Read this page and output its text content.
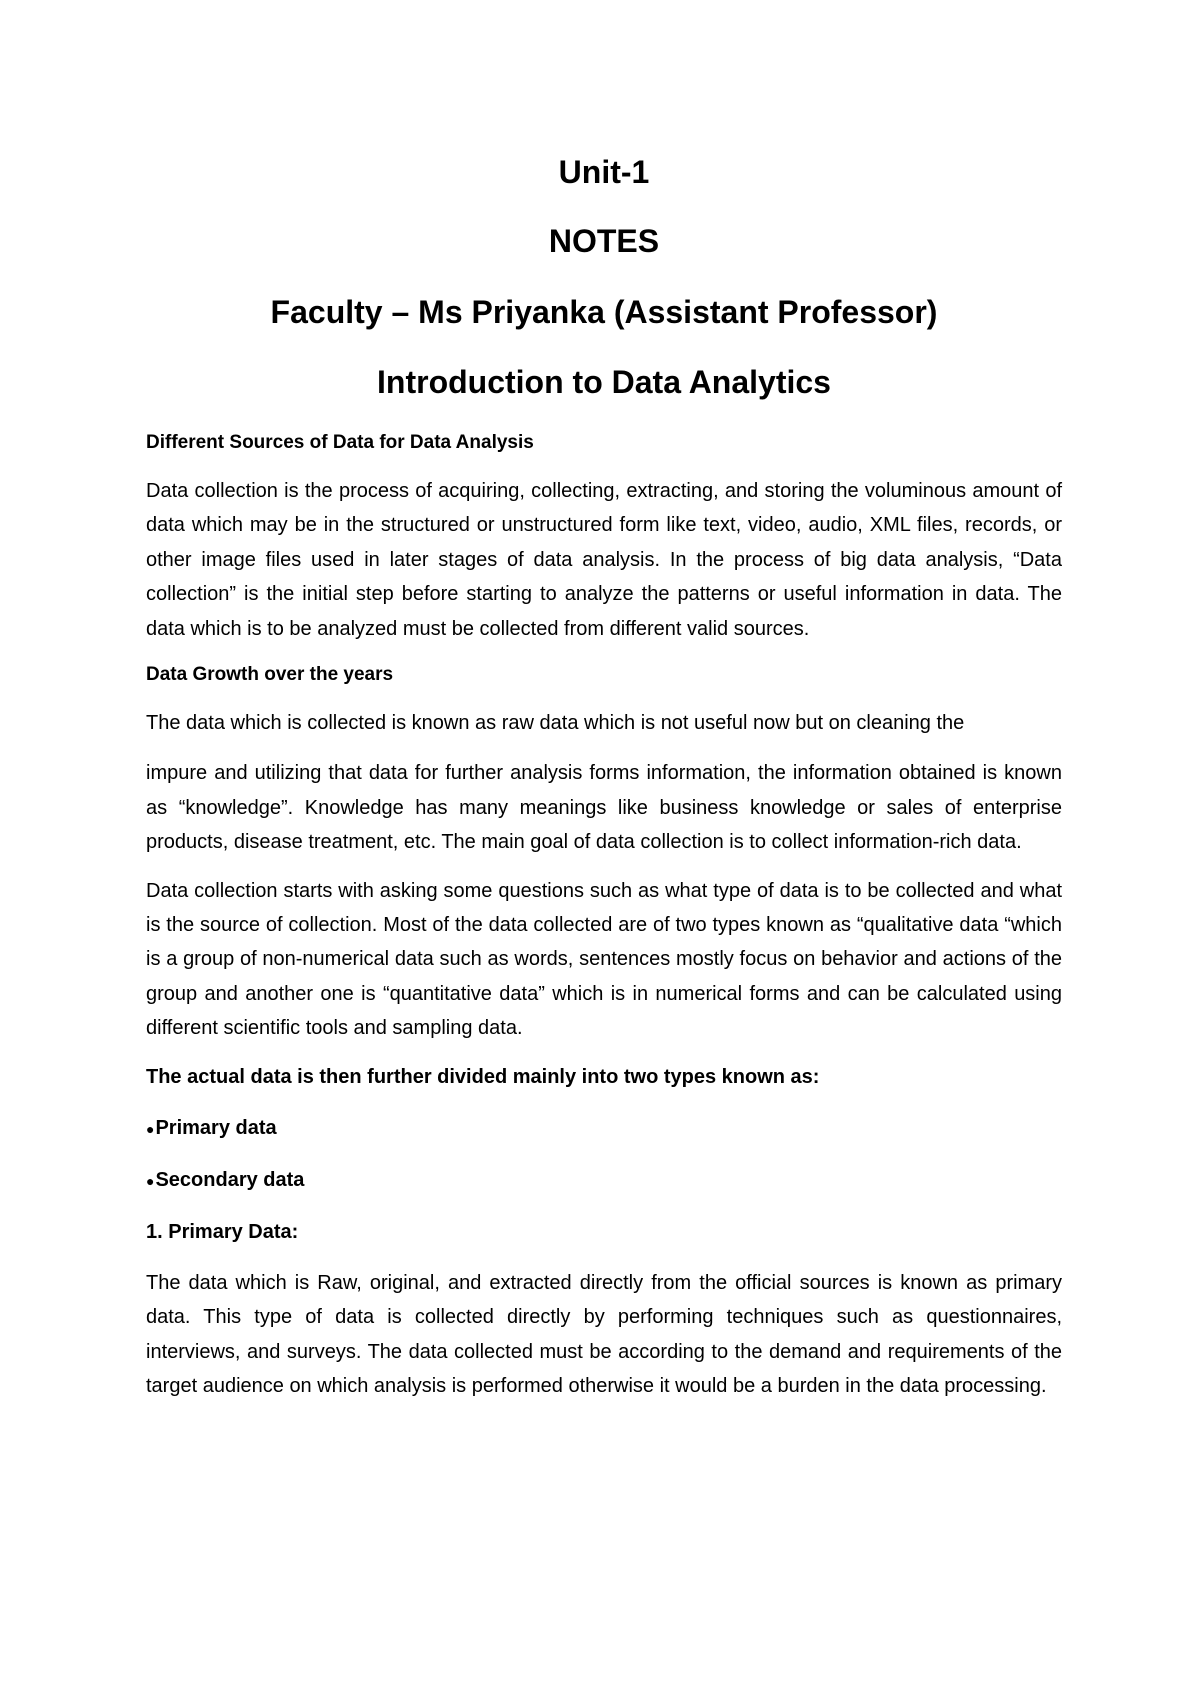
Unit-1

NOTES

Faculty – Ms Priyanka (Assistant Professor)

Introduction to Data Analytics

Different Sources of Data for Data Analysis

Data collection is the process of acquiring, collecting, extracting, and storing the voluminous amount of data which may be in the structured or unstructured form like text, video, audio, XML files, records, or other image files used in later stages of data analysis. In the process of big data analysis, “Data collection” is the initial step before starting to analyze the patterns or useful information in data. The data which is to be analyzed must be collected from different valid sources.

Data Growth over the years

The data which is collected is known as raw data which is not useful now but on cleaning the

impure and utilizing that data for further analysis forms information, the information obtained is known as “knowledge”. Knowledge has many meanings like business knowledge or sales of enterprise products, disease treatment, etc. The main goal of data collection is to collect information-rich data.

Data collection starts with asking some questions such as what type of data is to be collected and what is the source of collection. Most of the data collected are of two types known as “qualitative data “which is a group of non-numerical data such as words, sentences mostly focus on behavior and actions of the group and another one is “quantitative data” which is in numerical forms and can be calculated using different scientific tools and sampling data.

The actual data is then further divided mainly into two types known as:

● Primary data
● Secondary data

1. Primary Data:

The data which is Raw, original, and extracted directly from the official sources is known as primary data. This type of data is collected directly by performing techniques such as questionnaires, interviews, and surveys. The data collected must be according to the demand and requirements of the target audience on which analysis is performed otherwise it would be a burden in the data processing.
